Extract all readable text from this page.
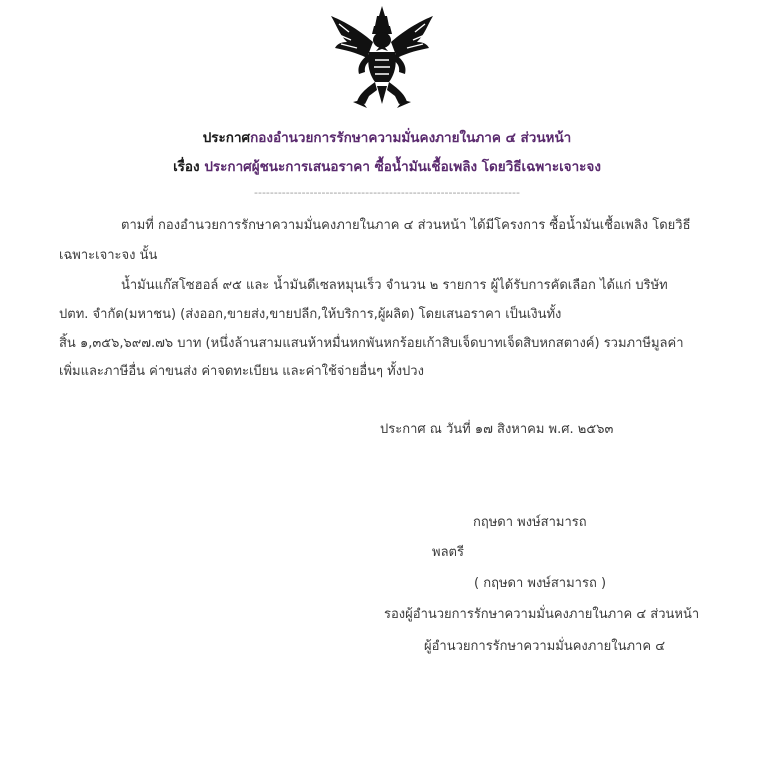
ประกาศกองอำนวยการรักษาความมั่นคงภายในภาค ๔ ส่วนหน้า
เรื่อง ประกาศผู้ชนะการเสนอราคา ซื้อน้ำมันเชื้อเพลิง โดยวิธีเฉพาะเจาะจง
-------------------------------------------------------------------
ตามที่ กองอำนวยการรักษาความมั่นคงภายในภาค ๔ ส่วนหน้า ได้มีโครงการ ซื้อน้ำมันเชื้อเพลิง โดยวิธี
เฉพาะเจาะจง นั้น
น้ำมันแก๊สโซฮอล์ ๙๕ และ น้ำมันดีเซลหมุนเร็ว จำนวน ๒ รายการ ผู้ได้รับการคัดเลือก ได้แก่ บริษัท
ปตท. จำกัด(มหาชน) (ส่งออก,ขายส่ง,ขายปลีก,ให้บริการ,ผู้ผลิต) โดยเสนอราคา เป็นเงินทั้ง
สิ้น ๑,๓๕๖,๖๙๗.๗๖ บาท (หนึ่งล้านสามแสนห้าหมื่นหกพันหกร้อยเก้าสิบเจ็ดบาทเจ็ดสิบหกสตางค์) รวมภาษีมูลค่า
เพิ่มและภาษีอื่น ค่าขนส่ง ค่าจดทะเบียน และค่าใช้จ่ายอื่นๆ ทั้งปวง
ประกาศ ณ วันที่ ๑๗ สิงหาคม พ.ศ. ๒๕๖๓
กฤษดา พงษ์สามารถ
พลตรี
( กฤษดา พงษ์สามารถ )
รองผู้อำนวยการรักษาความมั่นคงภายในภาค ๔ ส่วนหน้า
ผู้อำนวยการรักษาความมั่นคงภายในภาค ๔
